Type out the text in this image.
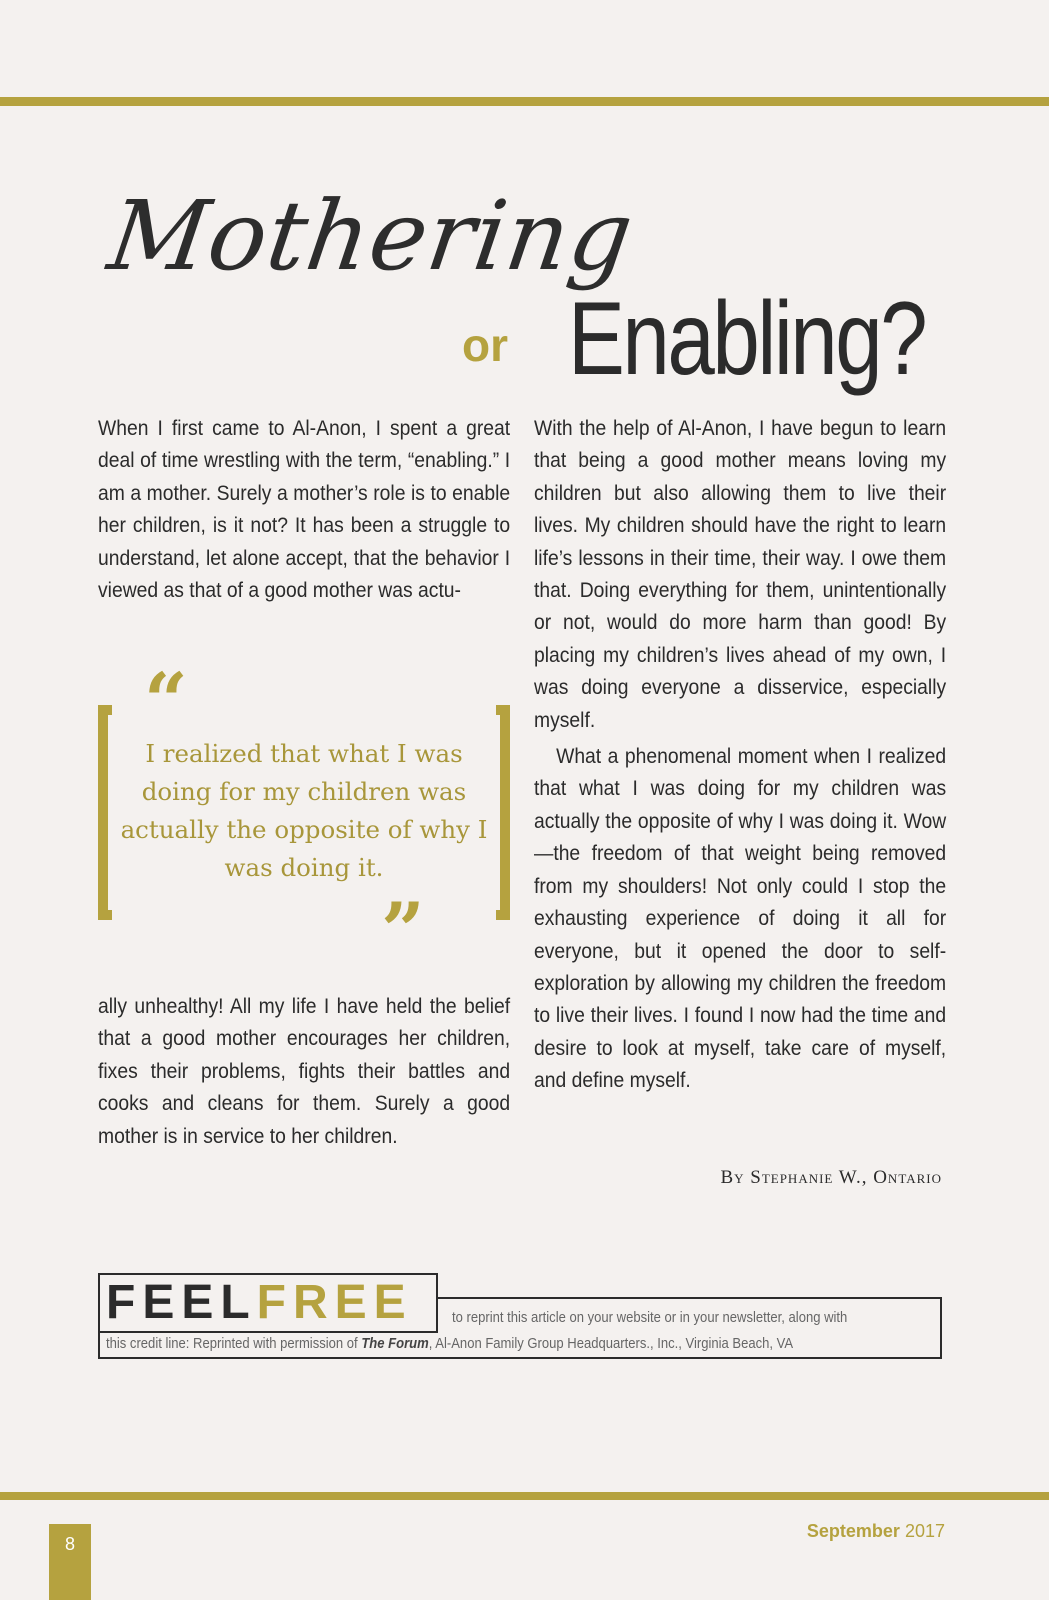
Mothering
or Enabling?

When I first came to Al-Anon, I spent a great deal of time wrestling with the term, “enabling.” I am a mother. Surely a mother’s role is to enable her children, is it not? It has been a struggle to understand, let alone accept, that the behavior I viewed as that of a good mother was actu-

“
I realized that what I was doing for my children was actually the opposite of why I was doing it.
”

ally unhealthy! All my life I have held the belief that a good mother encourages her children, fixes their problems, fights their battles and cooks and cleans for them. Surely a good mother is in service to her children.

With the help of Al-Anon, I have begun to learn that being a good mother means loving my children but also allowing them to live their lives. My children should have the right to learn life’s lessons in their time, their way. I owe them that. Doing everything for them, unintentionally or not, would do more harm than good! By placing my children’s lives ahead of my own, I was doing everyone a disservice, especially myself.

What a phenomenal moment when I realized that what I was doing for my children was actually the opposite of why I was doing it. Wow—the freedom of that weight being removed from my shoulders! Not only could I stop the exhausting experience of doing it all for everyone, but it opened the door to self-exploration by allowing my children the freedom to live their lives. I found I now had the time and desire to look at myself, take care of myself, and define myself.

By Stephanie W., Ontario
FEELFREE	to reprint this article on your website or in your newsletter, along with
this credit line: Reprinted with permission of The Forum, Al-Anon Family Group Headquarters., Inc., Virginia Beach, VA
8
September 2017
